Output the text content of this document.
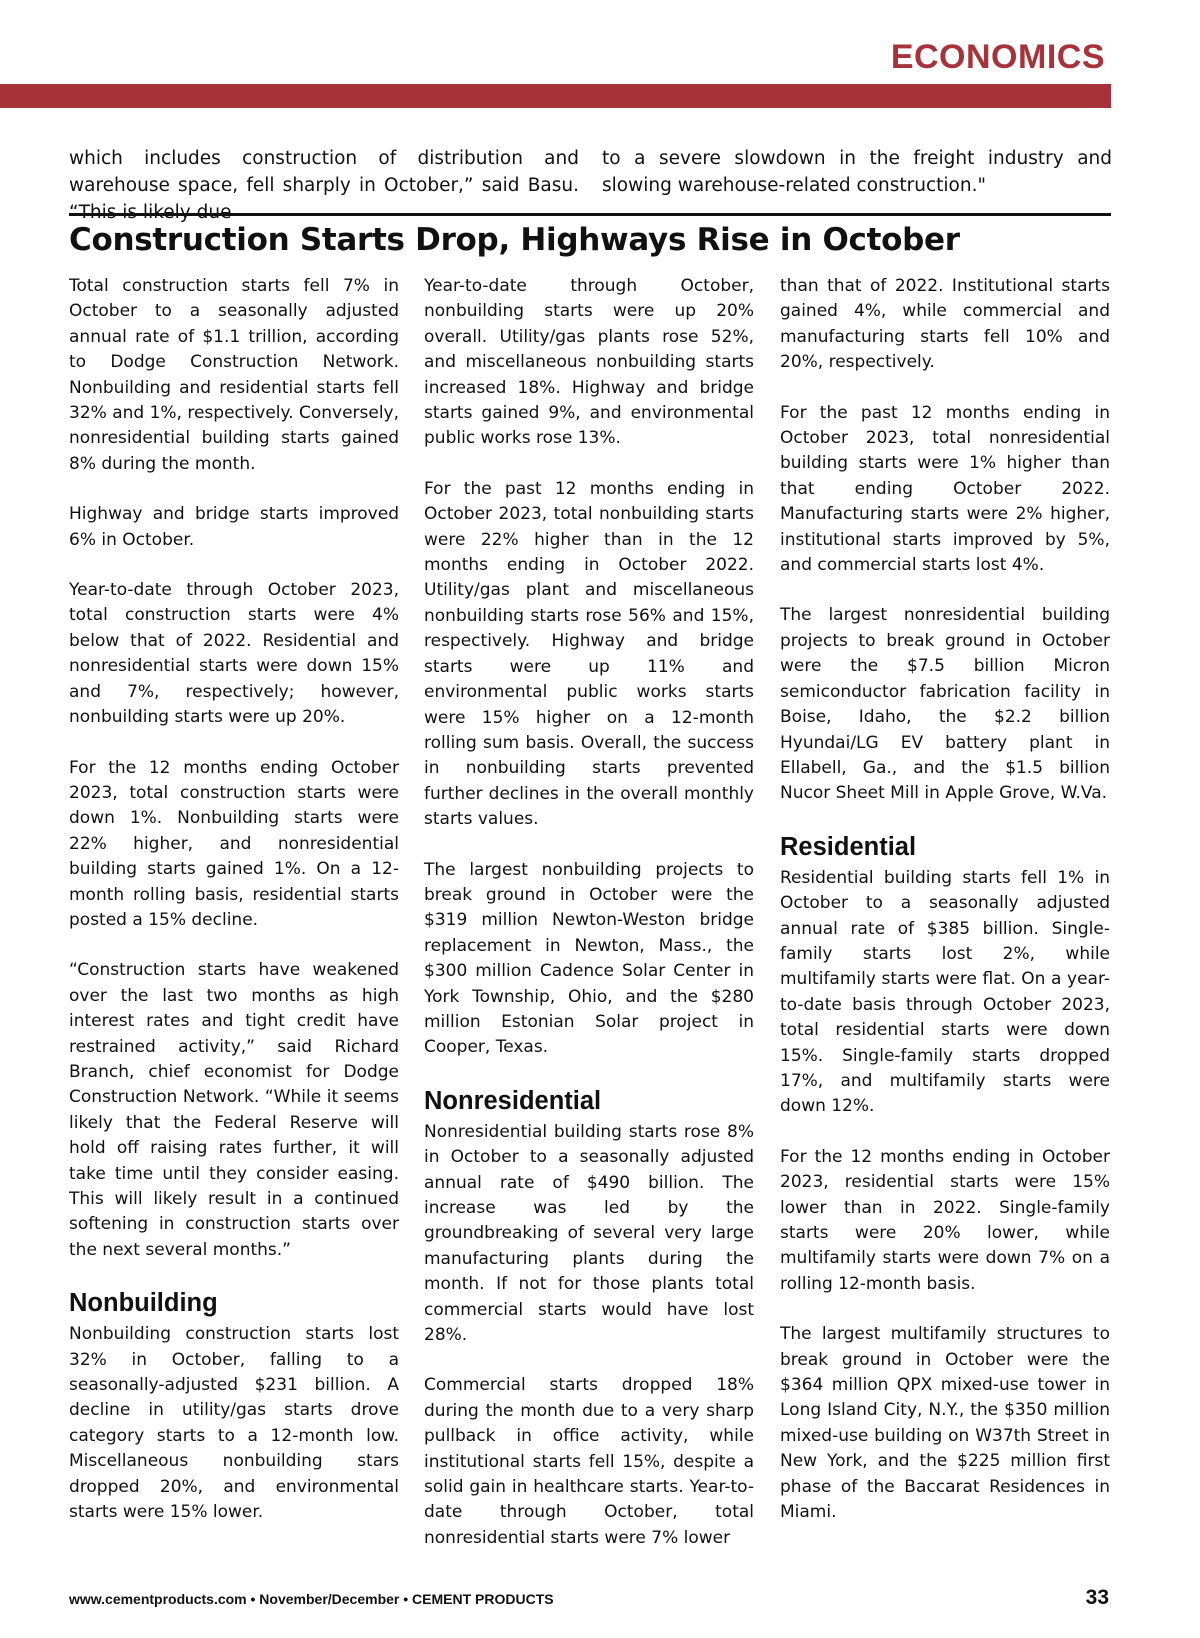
ECONOMICS

which includes construction of distribution and warehouse space, fell sharply in October,” said Basu.

to a severe slowdown in the freight industry and slowing warehouse-related construction."

Construction Starts Drop, Highways Rise in October

Total construction starts fell 7% in October to a seasonally adjusted annual rate of $1.1 trillion, according to Dodge Construction Network. Nonbuilding and residential starts fell 32% and 1%, respectively. Conversely, nonresidential building starts gained 8% during the month.

Highway and bridge starts improved 6% in October.

Year-to-date through October 2023, total construction starts were 4% below that of 2022. Residential and nonresidential starts were down 15% and 7%, respectively; however, nonbuilding starts were up 20%.

For the 12 months ending October 2023, total construction starts were down 1%. Nonbuilding starts were 22% higher, and nonresidential building starts gained 1%. On a 12-month rolling basis, residential starts posted a 15% decline.

“Construction starts have weakened over the last two months as high interest rates and tight credit have restrained activity,” said Richard Branch, chief economist for Dodge Construction Network. “While it seems likely that the Federal Reserve will hold off raising rates further, it will take time until they consider easing. This will likely result in a continued softening in construction starts over the next several months.”

Nonbuilding

Nonbuilding construction starts lost 32% in October, falling to a seasonally-adjusted $231 billion. A decline in utility/gas starts drove category starts to a 12-month low. Miscellaneous nonbuilding stars dropped 20%, and environmental starts were 15% lower.

Year-to-date through October, nonbuilding starts were up 20% overall. Utility/gas plants rose 52%, and miscellaneous nonbuilding starts increased 18%. Highway and bridge starts gained 9%, and environmental public works rose 13%.

For the past 12 months ending in October 2023, total nonbuilding starts were 22% higher than in the 12 months ending in October 2022. Utility/gas plant and miscellaneous nonbuilding starts rose 56% and 15%, respectively. Highway and bridge starts were up 11% and environmental public works starts were 15% higher on a 12-month rolling sum basis. Overall, the success in nonbuilding starts prevented further declines in the overall monthly starts values.

The largest nonbuilding projects to break ground in October were the $319 million Newton-Weston bridge replacement in Newton, Mass., the $300 million Cadence Solar Center in York Township, Ohio, and the $280 million Estonian Solar project in Cooper, Texas.

Nonresidential

Nonresidential building starts rose 8% in October to a seasonally adjusted annual rate of $490 billion. The increase was led by the groundbreaking of several very large manufacturing plants during the month. If not for those plants total commercial starts would have lost 28%.

Commercial starts dropped 18% during the month due to a very sharp pullback in office activity, while institutional starts fell 15%, despite a solid gain in healthcare starts. Year-to-date through October, total nonresidential starts were 7% lower

than that of 2022. Institutional starts gained 4%, while commercial and manufacturing starts fell 10% and 20%, respectively.

For the past 12 months ending in October 2023, total nonresidential building starts were 1% higher than that ending October 2022. Manufacturing starts were 2% higher, institutional starts improved by 5%, and commercial starts lost 4%.

The largest nonresidential building projects to break ground in October were the $7.5 billion Micron semiconductor fabrication facility in Boise, Idaho, the $2.2 billion Hyundai/LG EV battery plant in Ellabell, Ga., and the $1.5 billion Nucor Sheet Mill in Apple Grove, W.Va.

Residential

Residential building starts fell 1% in October to a seasonally adjusted annual rate of $385 billion. Single-family starts lost 2%, while multifamily starts were flat. On a year-to-date basis through October 2023, total residential starts were down 15%. Single-family starts dropped 17%, and multifamily starts were down 12%.

For the 12 months ending in October 2023, residential starts were 15% lower than in 2022. Single-family starts were 20% lower, while multifamily starts were down 7% on a rolling 12-month basis.

The largest multifamily structures to break ground in October were the $364 million QPX mixed-use tower in Long Island City, N.Y., the $350 million mixed-use building on W37th Street in New York, and the $225 million first phase of the Baccarat Residences in Miami.

www.cementproducts.com • November/December • CEMENT PRODUCTS	33
